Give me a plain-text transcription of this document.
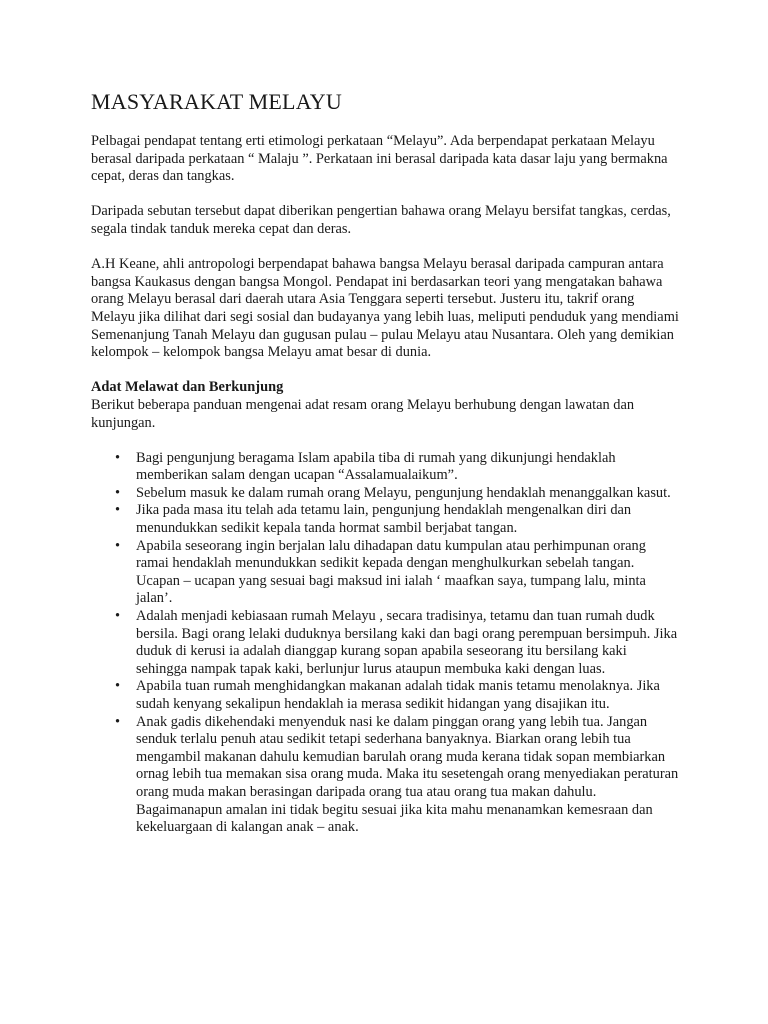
MASYARAKAT MELAYU

Pelbagai pendapat tentang erti etimologi perkataan “Melayu”. Ada berpendapat perkataan Melayu berasal daripada perkataan “ Malaju ”. Perkataan ini berasal daripada kata dasar laju yang bermakna cepat, deras dan tangkas.

Daripada sebutan tersebut dapat diberikan pengertian bahawa orang Melayu bersifat tangkas, cerdas, segala tindak tanduk mereka cepat dan deras.

A.H Keane, ahli antropologi berpendapat bahawa bangsa Melayu berasal daripada campuran antara bangsa Kaukasus dengan bangsa Mongol. Pendapat ini berdasarkan teori yang mengatakan bahawa orang Melayu berasal dari daerah utara Asia Tenggara seperti tersebut. Justeru itu, takrif orang Melayu jika dilihat dari segi sosial dan budayanya yang lebih luas, meliputi penduduk yang mendiami Semenanjung Tanah Melayu dan gugusan pulau – pulau Melayu atau Nusantara. Oleh yang demikian kelompok – kelompok bangsa Melayu amat besar di dunia.

Adat Melawat dan Berkunjung

Berikut beberapa panduan mengenai adat resam orang Melayu berhubung dengan lawatan dan kunjungan.

• Bagi pengunjung beragama Islam apabila tiba di rumah yang dikunjungi hendaklah memberikan salam dengan ucapan “Assalamualaikum”.
• Sebelum masuk ke dalam rumah orang Melayu, pengunjung hendaklah menanggalkan kasut.
• Jika pada masa itu telah ada tetamu lain, pengunjung hendaklah mengenalkan diri dan menundukkan sedikit kepala tanda hormat sambil berjabat tangan.
• Apabila seseorang ingin berjalan lalu dihadapan datu kumpulan atau perhimpunan orang ramai hendaklah menundukkan sedikit kepada dengan menghulkurkan sebelah tangan. Ucapan – ucapan yang sesuai bagi maksud ini ialah ‘ maafkan saya, tumpang lalu, minta jalan’.
• Adalah menjadi kebiasaan rumah Melayu , secara tradisinya, tetamu dan tuan rumah dudk bersila. Bagi orang lelaki duduknya bersilang kaki dan bagi orang perempuan bersimpuh. Jika duduk di kerusi ia adalah dianggap kurang sopan apabila seseorang itu bersilang kaki sehingga nampak tapak kaki, berlunjur lurus ataupun membuka kaki dengan luas.
• Apabila tuan rumah menghidangkan makanan adalah tidak manis tetamu menolaknya. Jika sudah kenyang sekalipun hendaklah ia merasa sedikit hidangan yang disajikan itu.
• Anak gadis dikehendaki menyenduk nasi ke dalam pinggan orang yang lebih tua. Jangan senduk terlalu penuh atau sedikit tetapi sederhana banyaknya. Biarkan orang lebih tua mengambil makanan dahulu kemudian barulah orang muda kerana tidak sopan membiarkan ornag lebih tua memakan sisa orang muda. Maka itu sesetengah orang menyediakan peraturan orang muda makan berasingan daripada orang tua atau orang tua makan dahulu. Bagaimanapun amalan ini tidak begitu sesuai jika kita mahu menanamkan kemesraan dan kekeluargaan di kalangan anak – anak.
